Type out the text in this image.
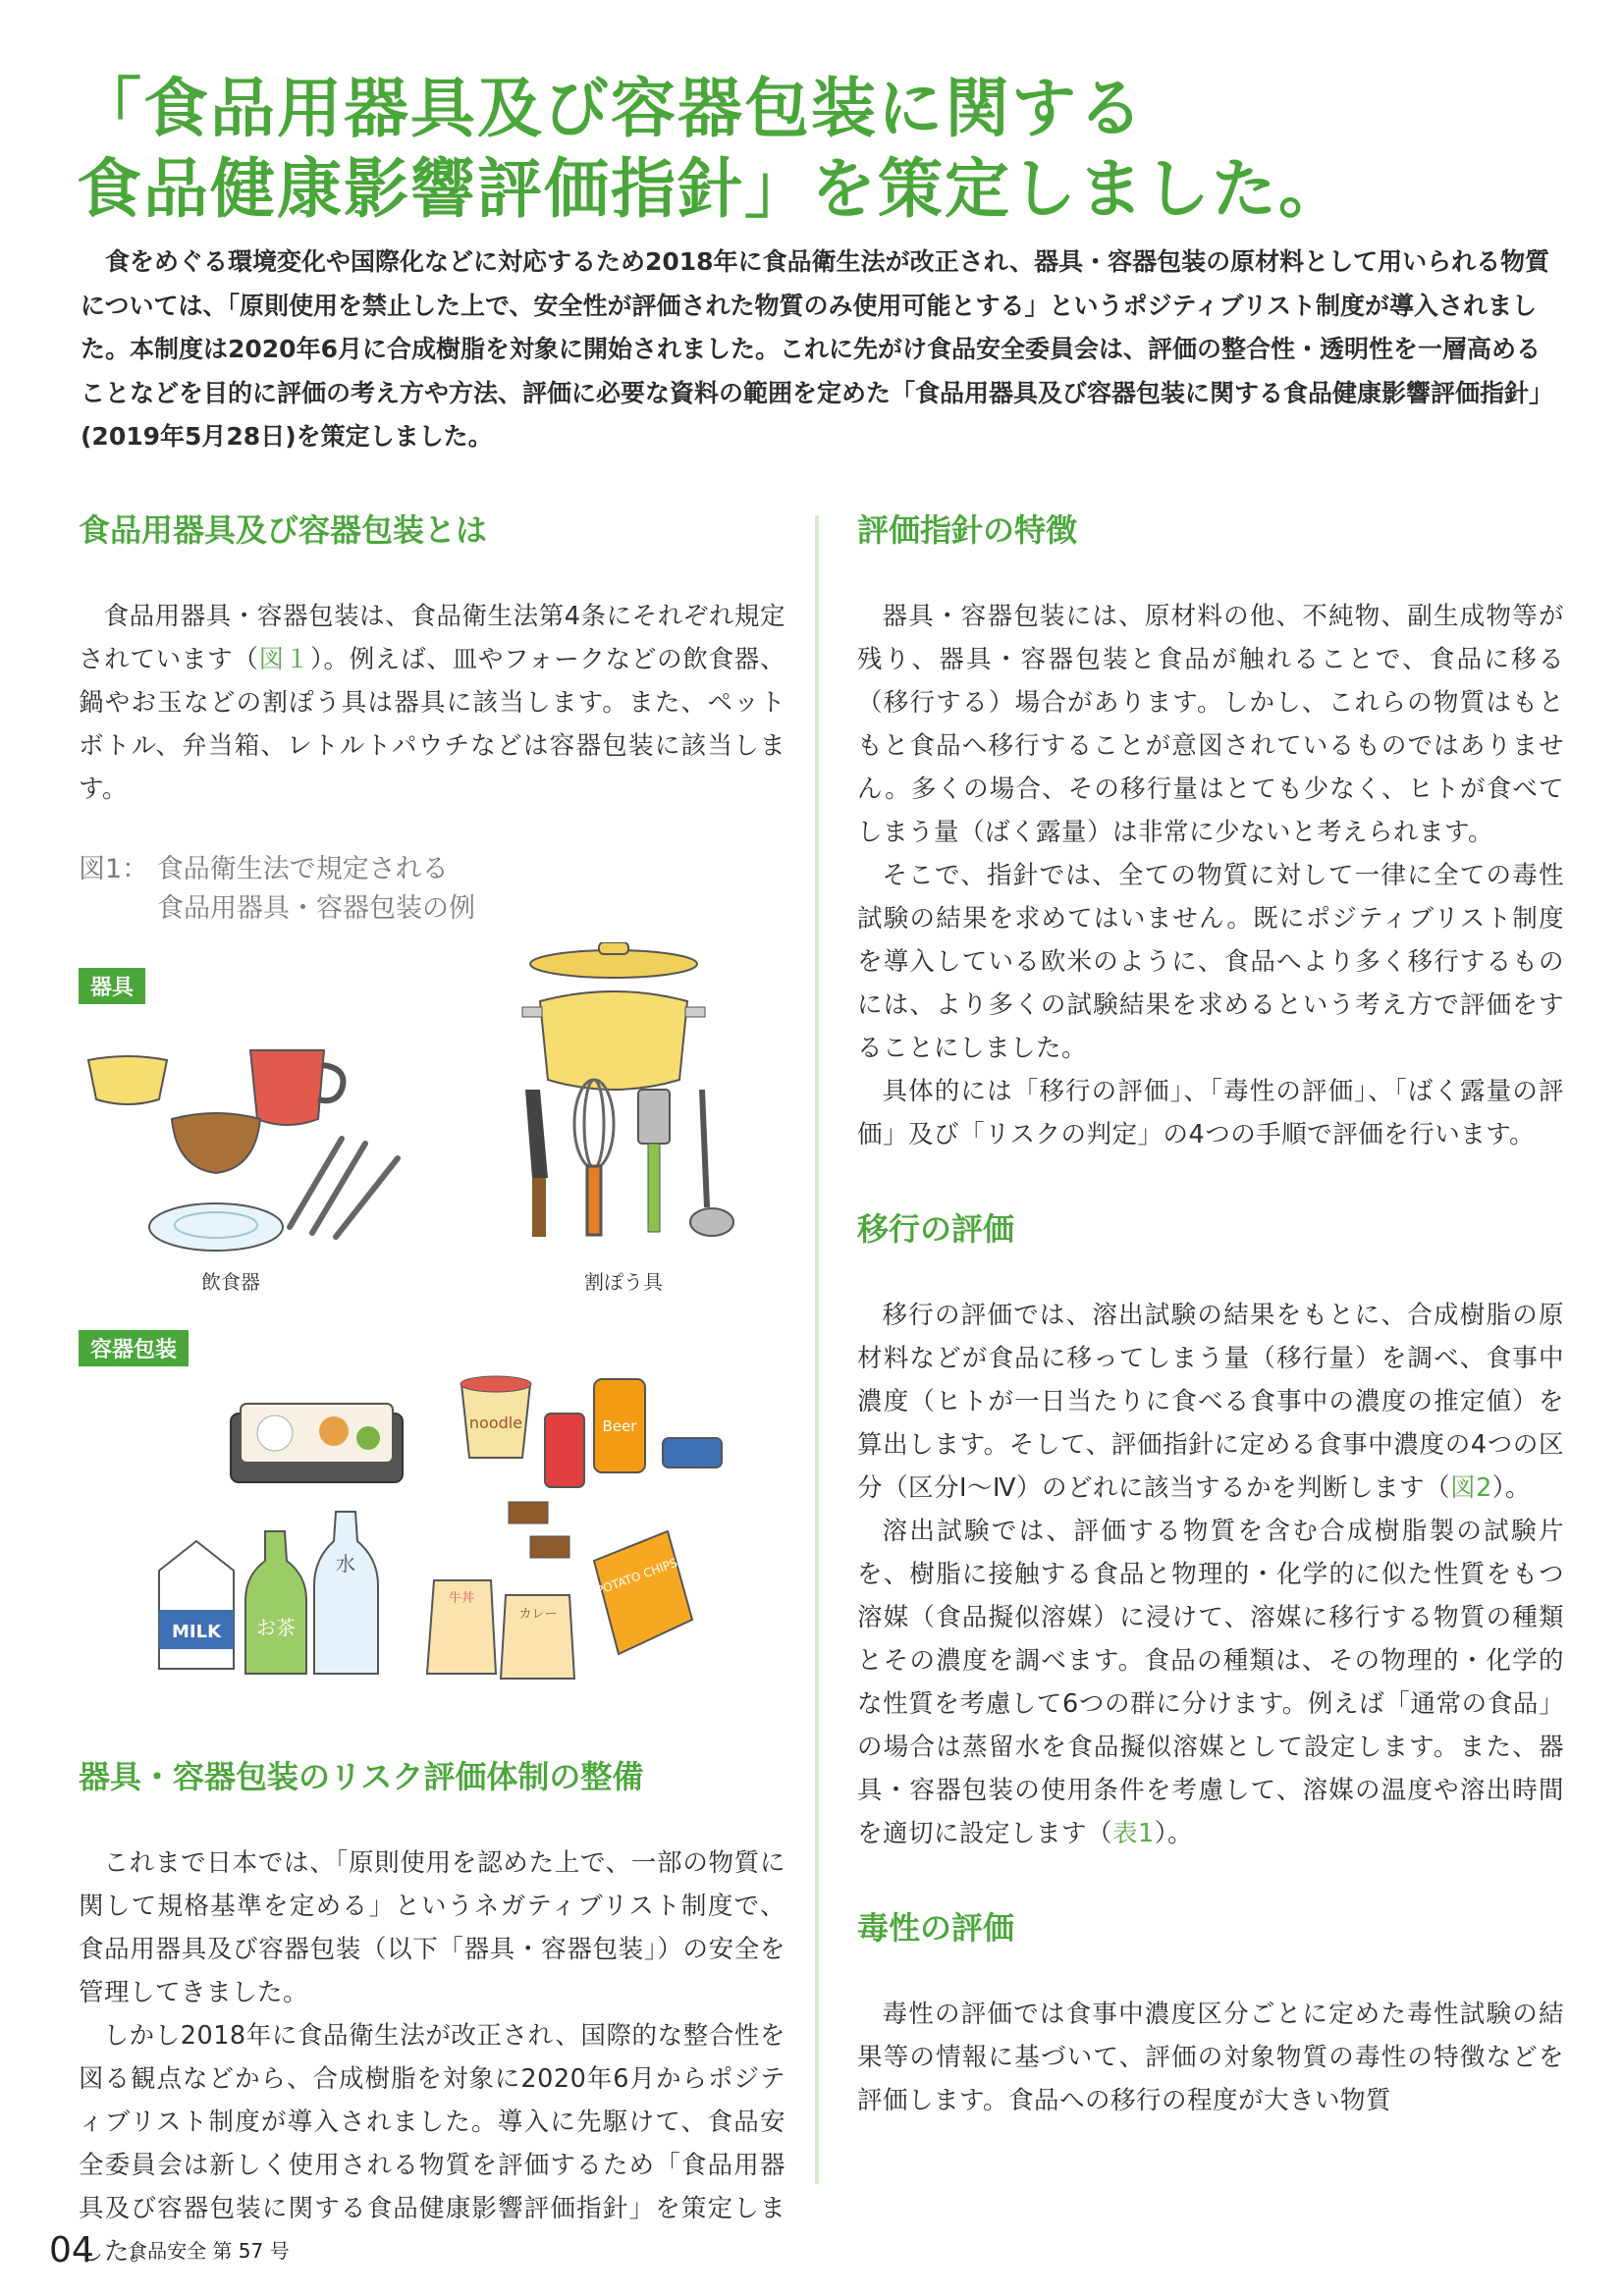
「食品用器具及び容器包装に関する
食品健康影響評価指針」を策定しました。
食をめぐる環境変化や国際化などに対応するため2018年に食品衛生法が改正され、器具・容器包装の原材料として用いられる物質については、「原則使用を禁止した上で、安全性が評価された物質のみ使用可能とする」というポジティブリスト制度が導入されました。本制度は2020年6月に合成樹脂を対象に開始されました。これに先がけ食品安全委員会は、評価の整合性・透明性を一層高めることなどを目的に評価の考え方や方法、評価に必要な資料の範囲を定めた「食品用器具及び容器包装に関する食品健康影響評価指針」(2019年5月28日)を策定しました。
食品用器具及び容器包装とは

食品用器具・容器包装は、食品衛生法第4条にそれぞれ規定されています（図１）。例えば、皿やフォークなどの飲食器、鍋やお玉などの割ぽう具は器具に該当します。また、ペットボトル、弁当箱、レトルトパウチなどは容器包装に該当します。

図1： 食品衛生法で規定される
食品用器具・容器包装の例
器具
noodle	Beer
MILK お茶
水
牛丼
カレー
POTATO CHIPS
飲食器	割ぽう具
容器包装
器具・容器包装のリスク評価体制の整備

これまで日本では、「原則使用を認めた上で、一部の物質に関して規格基準を定める」というネガティブリスト制度で、食品用器具及び容器包装（以下「器具・容器包装」）の安全を管理してきました。

しかし2018年に食品衛生法が改正され、国際的な整合性を図る観点などから、合成樹脂を対象に2020年6月からポジティブリスト制度が導入されました。導入に先駆けて、食品安全委員会は新しく使用される物質を評価するため「食品用器具及び容器包装に関する食品健康影響評価指針」を策定しました。

評価指針の特徴

器具・容器包装には、原材料の他、不純物、副生成物等が残り、器具・容器包装と食品が触れることで、食品に移る（移行する）場合があります。しかし、これらの物質はもともと食品へ移行することが意図されているものではありません。多くの場合、その移行量はとても少なく、ヒトが食べてしまう量（ばく露量）は非常に少ないと考えられます。

そこで、指針では、全ての物質に対して一律に全ての毒性試験の結果を求めてはいません。既にポジティブリスト制度を導入している欧米のように、食品へより多く移行するものには、より多くの試験結果を求めるという考え方で評価をすることにしました。

具体的には「移行の評価」、「毒性の評価」、「ばく露量の評価」及び「リスクの判定」の4つの手順で評価を行います。

移行の評価

移行の評価では、溶出試験の結果をもとに、合成樹脂の原材料などが食品に移ってしまう量（移行量）を調べ、食事中濃度（ヒトが一日当たりに食べる食事中の濃度の推定値）を算出します。そして、評価指針に定める食事中濃度の4つの区分（区分Ⅰ～Ⅳ）のどれに該当するかを判断します（図2）。

溶出試験では、評価する物質を含む合成樹脂製の試験片を、樹脂に接触する食品と物理的・化学的に似た性質をもつ溶媒（食品擬似溶媒）に浸けて、溶媒に移行する物質の種類とその濃度を調べます。食品の種類は、その物理的・化学的な性質を考慮して6つの群に分けます。例えば「通常の食品」の場合は蒸留水を食品擬似溶媒として設定します。また、器具・容器包装の使用条件を考慮して、溶媒の温度や溶出時間を適切に設定します（表1）。

毒性の評価

毒性の評価では食事中濃度区分ごとに定めた毒性試験の結果等の情報に基づいて、評価の対象物質の毒性の特徴などを評価します。食品への移行の程度が大きい物質

04 食品安全 第 57 号
